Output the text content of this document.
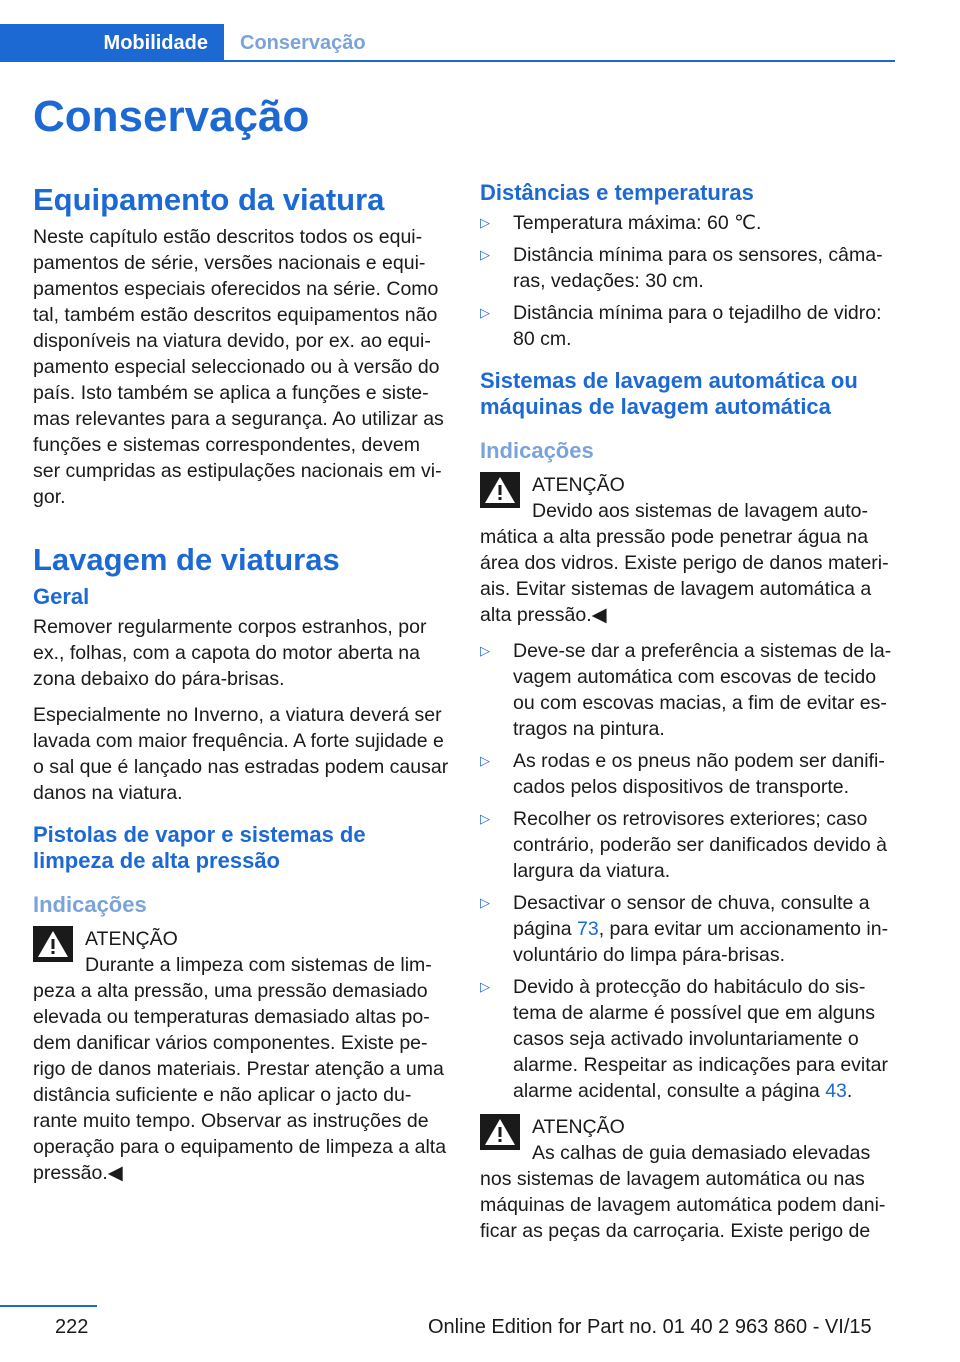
Mobilidade Conservação
Conservação
Equipamento da viatura

Neste capítulo estão descritos todos os equipamentos de série, versões nacionais e equipamentos especiais oferecidos na série. Como tal, também estão descritos equipamentos não disponíveis na viatura devido, por ex. ao equipamento especial seleccionado ou à versão do país. Isto também se aplica a funções e sistemas relevantes para a segurança. Ao utilizar as funções e sistemas correspondentes, devem ser cumpridas as estipulações nacionais em vigor.

Lavagem de viaturas
Geral

Remover regularmente corpos estranhos, por ex., folhas, com a capota do motor aberta na zona debaixo do pára-brisas.

Especialmente no Inverno, a viatura deverá ser lavada com maior frequência. A forte sujidade e o sal que é lançado nas estradas podem causar danos na viatura.

Pistolas de vapor e sistemas de limpeza de alta pressão
Indicações
ATENÇÃO
Durante a limpeza com sistemas de limpeza a alta pressão, uma pressão demasiado elevada ou temperaturas demasiado altas podem danificar vários componentes. Existe perigo de danos materiais. Prestar atenção a uma distância suficiente e não aplicar o jacto durante muito tempo. Observar as instruções de operação para o equipamento de limpeza a alta pressão.◀
Distâncias e temperaturas
▷ Temperatura máxima: 60 ℃.
▷ Distância mínima para os sensores, câmaras, vedações: 30 cm.
▷ Distância mínima para o tejadilho de vidro: 80 cm.
Sistemas de lavagem automática ou máquinas de lavagem automática
Indicações
ATENÇÃO
Devido aos sistemas de lavagem automática a alta pressão pode penetrar água na área dos vidros. Existe perigo de danos materiais. Evitar sistemas de lavagem automática a alta pressão.◀
▷ Deve-se dar a preferência a sistemas de lavagem automática com escovas de tecido ou com escovas macias, a fim de evitar estragos na pintura.
▷ As rodas e os pneus não podem ser danificados pelos dispositivos de transporte.
▷ Recolher os retrovisores exteriores; caso contrário, poderão ser danificados devido à largura da viatura.
▷ Desactivar o sensor de chuva, consulte a página 73, para evitar um accionamento involuntário do limpa pára-brisas.
▷ Devido à protecção do habitáculo do sistema de alarme é possível que em alguns casos seja activado involuntariamente o alarme. Respeitar as indicações para evitar alarme acidental, consulte a página 43.
ATENÇÃO
As calhas de guia demasiado elevadas nos sistemas de lavagem automática ou nas máquinas de lavagem automática podem danificar as peças da carroçaria. Existe perigo de
222	Online Edition for Part no. 01 40 2 963 860 - VI/15
